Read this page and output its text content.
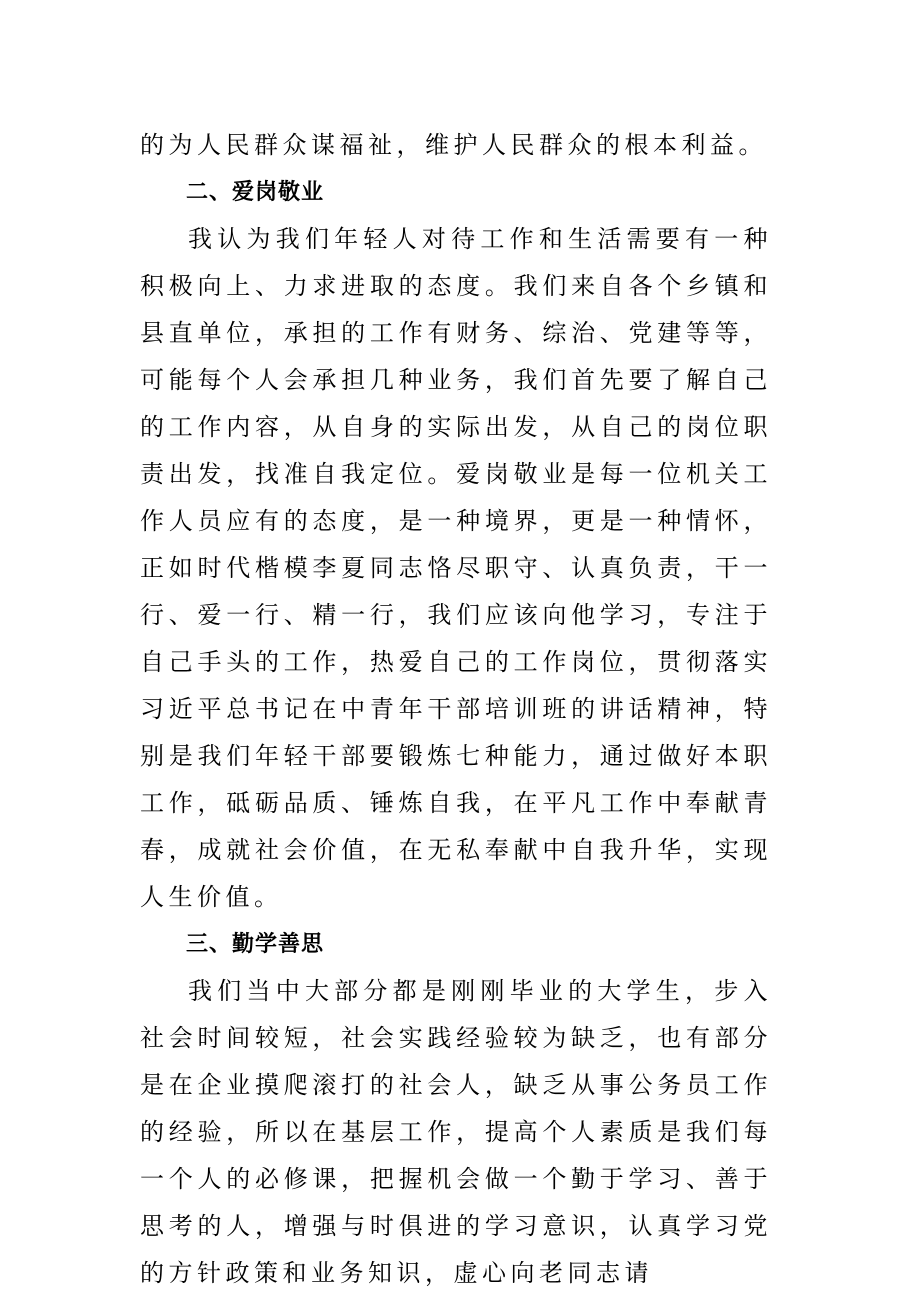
的为人民群众谋福祉，维护人民群众的根本利益。

二、爱岗敬业

我认为我们年轻人对待工作和生活需要有一种积极向上、力求进取的态度。我们来自各个乡镇和县直单位，承担的工作有财务、综治、党建等等，可能每个人会承担几种业务，我们首先要了解自己的工作内容，从自身的实际出发，从自己的岗位职责出发，找准自我定位。爱岗敬业是每一位机关工作人员应有的态度，是一种境界，更是一种情怀，正如时代楷模李夏同志恪尽职守、认真负责，干一行、爱一行、精一行，我们应该向他学习，专注于自己手头的工作，热爱自己的工作岗位，贯彻落实习近平总书记在中青年干部培训班的讲话精神，特别是我们年轻干部要锻炼七种能力，通过做好本职工作，砥砺品质、锤炼自我，在平凡工作中奉献青春，成就社会价值，在无私奉献中自我升华，实现人生价值。

三、勤学善思

我们当中大部分都是刚刚毕业的大学生，步入社会时间较短，社会实践经验较为缺乏，也有部分是在企业摸爬滚打的社会人，缺乏从事公务员工作的经验，所以在基层工作，提高个人素质是我们每一个人的必修课，把握机会做一个勤于学习、善于思考的人，增强与时俱进的学习意识，认真学习党的方针政策和业务知识，虚心向老同志请
